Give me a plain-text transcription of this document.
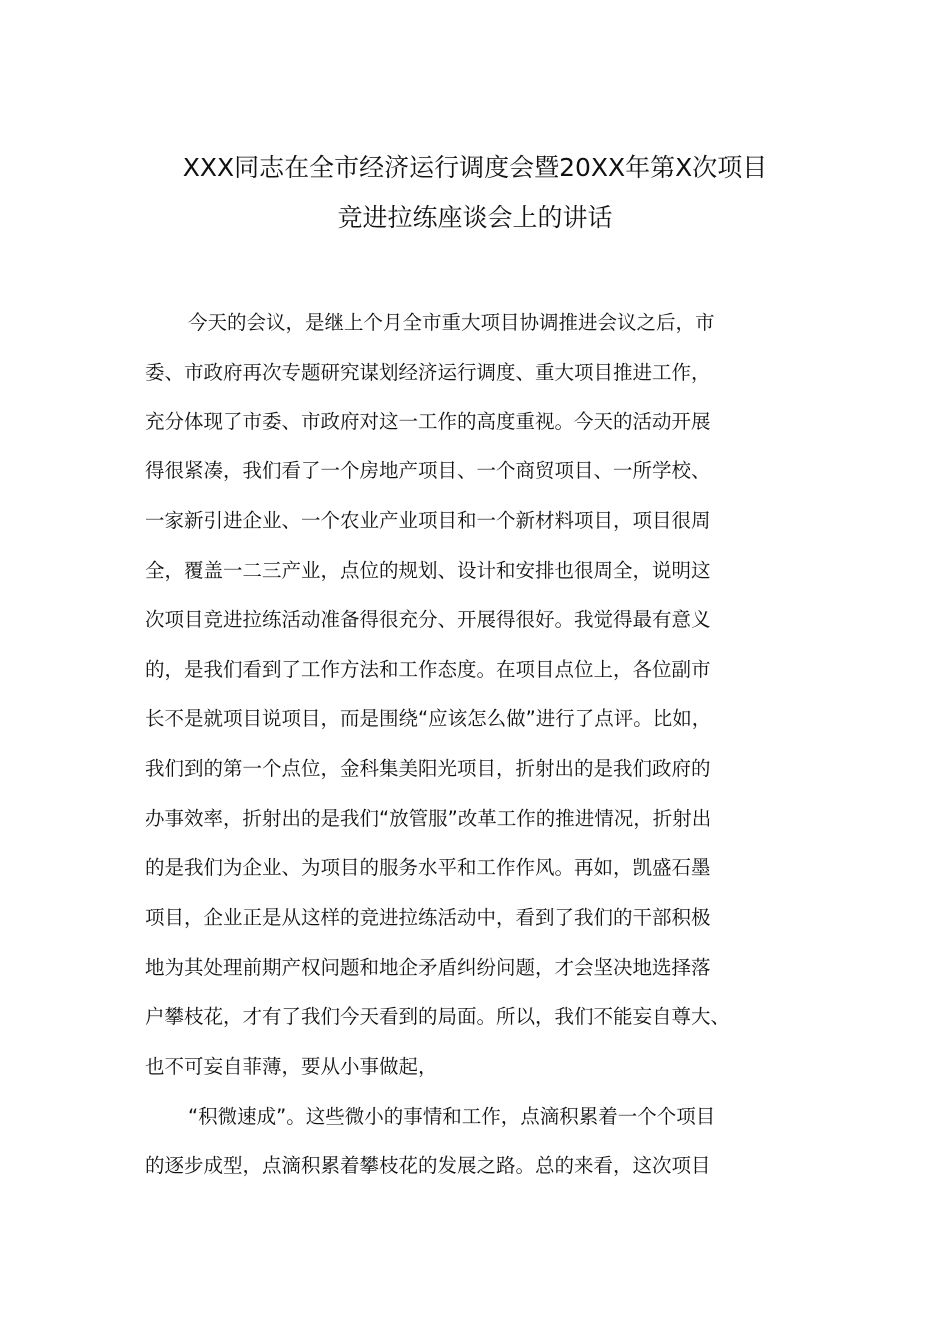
XXX同志在全市经济运行调度会暨20XX年第X次项目
竞进拉练座谈会上的讲话
今天的会议，是继上个月全市重大项目协调推进会议之后，市
委、市政府再次专题研究谋划经济运行调度、重大项目推进工作，
充分体现了市委、市政府对这一工作的高度重视。今天的活动开展
得很紧凑，我们看了一个房地产项目、一个商贸项目、一所学校、
一家新引进企业、一个农业产业项目和一个新材料项目，项目很周
全，覆盖一二三产业，点位的规划、设计和安排也很周全，说明这
次项目竞进拉练活动准备得很充分、开展得很好。我觉得最有意义
的，是我们看到了工作方法和工作态度。在项目点位上，各位副市
长不是就项目说项目，而是围绕“应该怎么做”进行了点评。比如，
我们到的第一个点位，金科集美阳光项目，折射出的是我们政府的
办事效率，折射出的是我们“放管服”改革工作的推进情况，折射出
的是我们为企业、为项目的服务水平和工作作风。再如，凯盛石墨
项目，企业正是从这样的竞进拉练活动中，看到了我们的干部积极
地为其处理前期产权问题和地企矛盾纠纷问题，才会坚决地选择落
户攀枝花，才有了我们今天看到的局面。所以，我们不能妄自尊大、
也不可妄自菲薄，要从小事做起，
“积微速成”。这些微小的事情和工作，点滴积累着一个个项目
的逐步成型，点滴积累着攀枝花的发展之路。总的来看，这次项目
